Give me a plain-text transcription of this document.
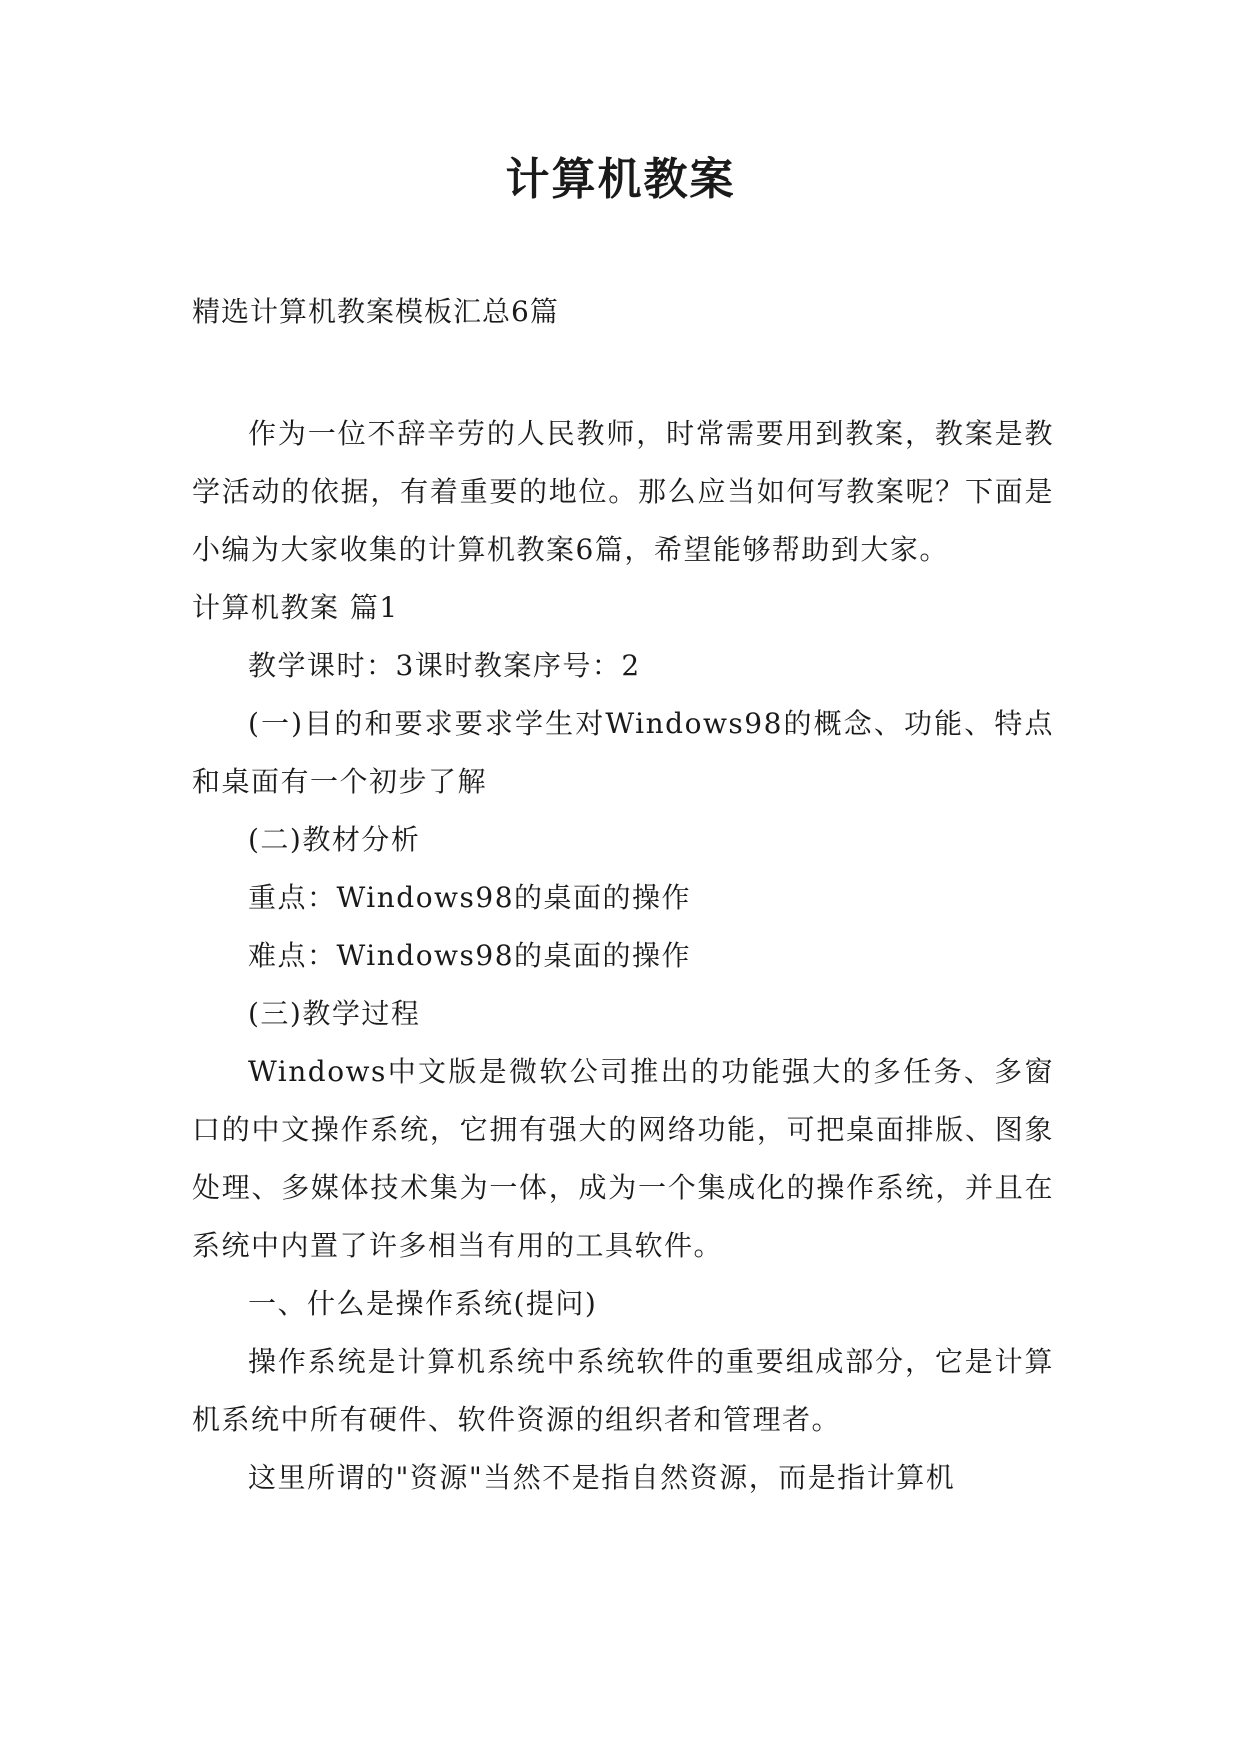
计算机教案
精选计算机教案模板汇总6篇

作为一位不辞辛劳的人民教师，时常需要用到教案，教案是教学活动的依据，有着重要的地位。那么应当如何写教案呢？下面是小编为大家收集的计算机教案6篇，希望能够帮助到大家。

计算机教案 篇1

教学课时：3课时教案序号：2

(一)目的和要求要求学生对Windows98的概念、功能、特点和桌面有一个初步了解

(二)教材分析

重点：Windows98的桌面的操作

难点：Windows98的桌面的操作

(三)教学过程

Windows中文版是微软公司推出的功能强大的多任务、多窗口的中文操作系统，它拥有强大的网络功能，可把桌面排版、图象处理、多媒体技术集为一体，成为一个集成化的操作系统，并且在系统中内置了许多相当有用的工具软件。

一、什么是操作系统(提问)

操作系统是计算机系统中系统软件的重要组成部分，它是计算机系统中所有硬件、软件资源的组织者和管理者。

这里所谓的"资源"当然不是指自然资源，而是指计算机
